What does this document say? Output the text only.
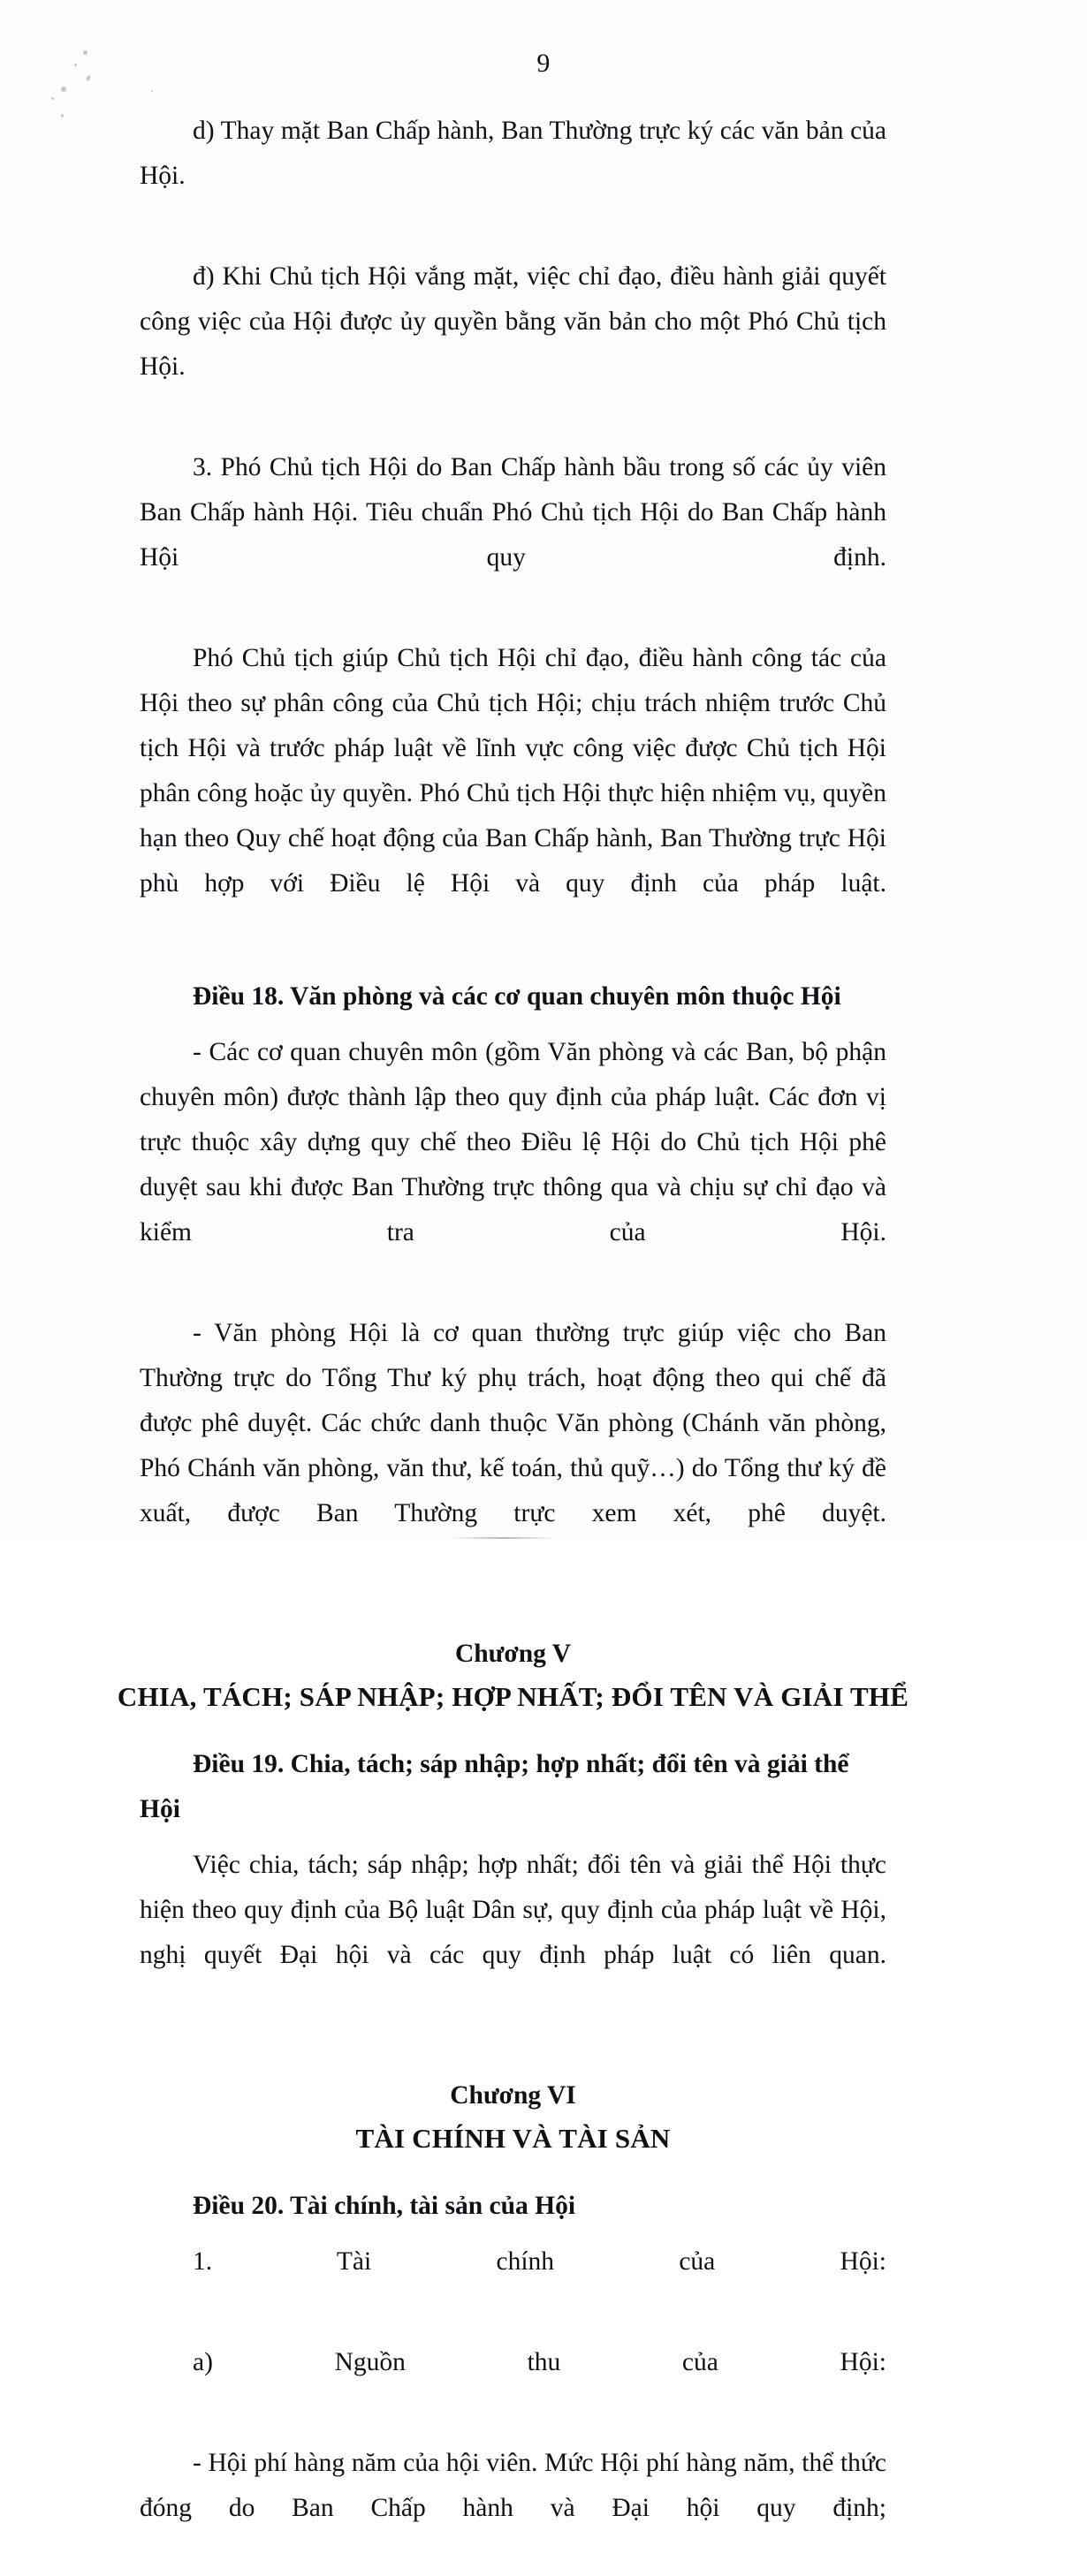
9

d) Thay mặt Ban Chấp hành, Ban Thường trực ký các văn bản của Hội.

đ) Khi Chủ tịch Hội vắng mặt, việc chỉ đạo, điều hành giải quyết công việc của Hội được ủy quyền bằng văn bản cho một Phó Chủ tịch Hội.

3. Phó Chủ tịch Hội do Ban Chấp hành bầu trong số các ủy viên Ban Chấp hành Hội. Tiêu chuẩn Phó Chủ tịch Hội do Ban Chấp hành Hội quy định.

Phó Chủ tịch giúp Chủ tịch Hội chỉ đạo, điều hành công tác của Hội theo sự phân công của Chủ tịch Hội; chịu trách nhiệm trước Chủ tịch Hội và trước pháp luật về lĩnh vực công việc được Chủ tịch Hội phân công hoặc ủy quyền. Phó Chủ tịch Hội thực hiện nhiệm vụ, quyền hạn theo Quy chế hoạt động của Ban Chấp hành, Ban Thường trực Hội phù hợp với Điều lệ Hội và quy định của pháp luật.

Điều 18. Văn phòng và các cơ quan chuyên môn thuộc Hội

- Các cơ quan chuyên môn (gồm Văn phòng và các Ban, bộ phận chuyên môn) được thành lập theo quy định của pháp luật. Các đơn vị trực thuộc xây dựng quy chế theo Điều lệ Hội do Chủ tịch Hội phê duyệt sau khi được Ban Thường trực thông qua và chịu sự chỉ đạo và kiểm tra của Hội.

- Văn phòng Hội là cơ quan thường trực giúp việc cho Ban Thường trực do Tổng Thư ký phụ trách, hoạt động theo qui chế đã được phê duyệt. Các chức danh thuộc Văn phòng (Chánh văn phòng, Phó Chánh văn phòng, văn thư, kế toán, thủ quỹ…) do Tổng thư ký đề xuất, được Ban Thường trực xem xét, phê duyệt.

Chương V
CHIA, TÁCH; SÁP NHẬP; HỢP NHẤT; ĐỔI TÊN VÀ GIẢI THỂ
Điều 19. Chia, tách; sáp nhập; hợp nhất; đổi tên và giải thể Hội

Việc chia, tách; sáp nhập; hợp nhất; đổi tên và giải thể Hội thực hiện theo quy định của Bộ luật Dân sự, quy định của pháp luật về Hội, nghị quyết Đại hội và các quy định pháp luật có liên quan.

Chương VI
TÀI CHÍNH VÀ TÀI SẢN
Điều 20. Tài chính, tài sản của Hội

1. Tài chính của Hội:

a) Nguồn thu của Hội:

- Hội phí hàng năm của hội viên. Mức Hội phí hàng năm, thể thức đóng do Ban Chấp hành và Đại hội quy định;
